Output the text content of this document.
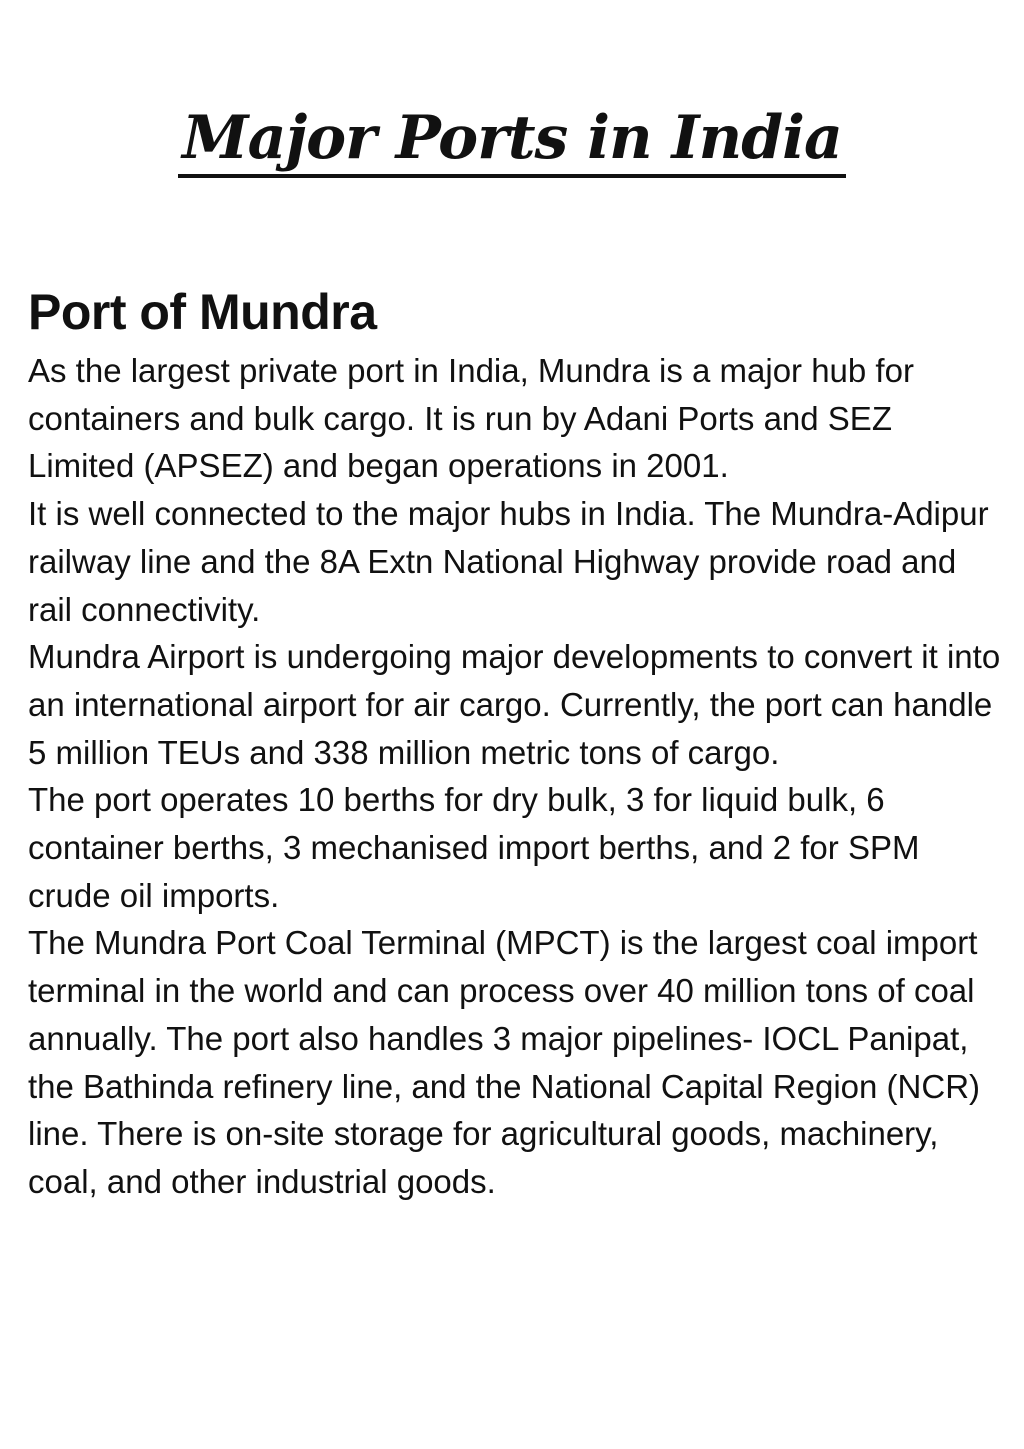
Major Ports in India
Port of Mundra

As the largest private port in India, Mundra is a major hub for containers and bulk cargo. It is run by Adani Ports and SEZ Limited (APSEZ) and began operations in 2001.

It is well connected to the major hubs in India. The Mundra-Adipur railway line and the 8A Extn National Highway provide road and rail connectivity.

Mundra Airport is undergoing major developments to convert it into an international airport for air cargo. Currently, the port can handle 5 million TEUs and 338 million metric tons of cargo.

The port operates 10 berths for dry bulk, 3 for liquid bulk, 6 container berths, 3 mechanised import berths, and 2 for SPM crude oil imports.

The Mundra Port Coal Terminal (MPCT) is the largest coal import terminal in the world and can process over 40 million tons of coal annually. The port also handles 3 major pipelines- IOCL Panipat, the Bathinda refinery line, and the National Capital Region (NCR) line. There is on-site storage for agricultural goods, machinery, coal, and other industrial goods.
